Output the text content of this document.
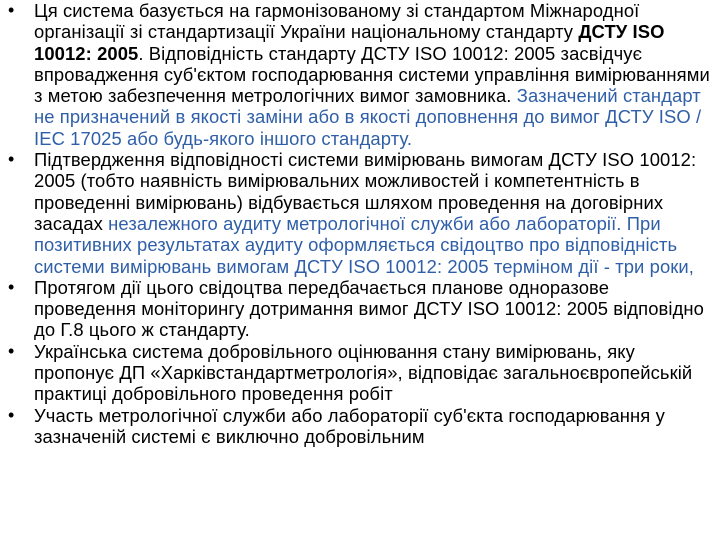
• Ця система базується на гармонізованому зі стандартом Міжнародної організації зі стандартизації України національному стандарту ДСТУ ISO 10012: 2005. Відповідність стандарту ДСТУ ISO 10012: 2005 засвідчує впровадження суб'єктом господарювання системи управління вимірюваннями з метою забезпечення метрологічних вимог замовника. Зазначений стандарт не призначений в якості заміни або в якості доповнення до вимог ДСТУ ISO / IEC 17025 або будь-якого іншого стандарту.
• Підтвердження відповідності системи вимірювань вимогам ДСТУ ISO 10012: 2005 (тобто наявність вимірювальних можливостей і компетентність в проведенні вимірювань) відбувається шляхом проведення на договірних засадах незалежного аудиту метрологічної служби або лабораторії. При позитивних результатах аудиту оформляється свідоцтво про відповідність системи вимірювань вимогам ДСТУ ISO 10012: 2005 терміном дії - три роки,
• Протягом дії цього свідоцтва передбачається планове одноразове проведення моніторингу дотримання вимог ДСТУ ISO 10012: 2005 відповідно до Г.8 цього ж стандарту.
• Українська система добровільного оцінювання стану вимірювань, яку пропонує ДП «Харківстандартметрологія», відповідає загальноєвропейській практиці добровільного проведення робіт
• Участь метрологічної служби або лабораторії суб'єкта господарювання у зазначеній системі є виключно добровільним
